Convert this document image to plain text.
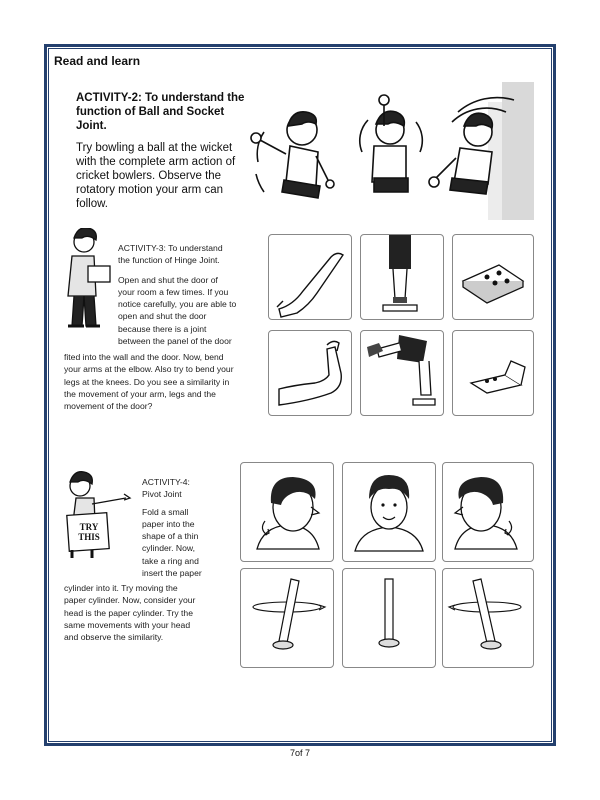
Read and learn

ACTIVITY-2: To understand the
function of Ball and Socket Joint.

Try bowling a ball at the wicket
with the complete arm action of
cricket bowlers. Observe the
rotatory motion your arm can
follow.

ACTIVITY-3: To understand
the function of Hinge Joint.

Open and shut the door of
your room a few times. If you
notice carefully, you are able to
open and shut the door
because there is a joint
between the panel of the door
fited into the wall and the door. Now, bend
your arms at the elbow. Also try to bend your
legs at the knees. Do you see a similarity in
the movement of your arm, legs and the
movement of the door?
TRY
THIS
ACTIVITY-4:
Pivot Joint

Fold a small
paper into the
shape of a thin
cylinder. Now,
take a ring and
insert the paper
cylinder into it. Try moving the
paper cylinder. Now, consider your
head is the paper cylinder. Try the
same movements with your head
and observe the similarity.
7of 7
